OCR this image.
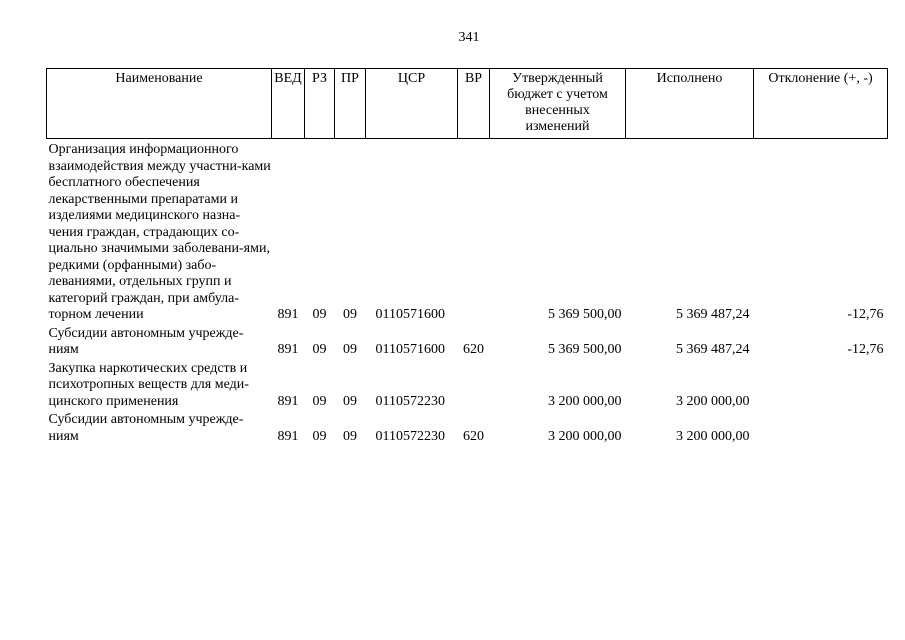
341
Наименование	ВЕД	РЗ	ПР	ЦСР	ВР	Утвержденный бюджет с учетом внесенных изменений	Исполнено	Отклонение (+, -)
Организация информационного взаимодействия между участни-ками бесплатного обеспечения лекарственными препаратами и изделиями медицинского назна-чения граждан, страдающих со-циально значимыми заболевани-ями, редкими (орфанными) забо-леваниями, отдельных групп и категорий граждан, при амбула-торном лечении	891	09	09	0110571600		5 369 500,00	5 369 487,24	-12,76
Субсидии автономным учрежде-ниям	891	09	09	0110571600	620	5 369 500,00	5 369 487,24	-12,76
Закупка наркотических средств и психотропных веществ для меди-цинского применения	891	09	09	0110572230		3 200 000,00	3 200 000,00	
Субсидии автономным учрежде-ниям	891	09	09	0110572230	620	3 200 000,00	3 200 000,00	
